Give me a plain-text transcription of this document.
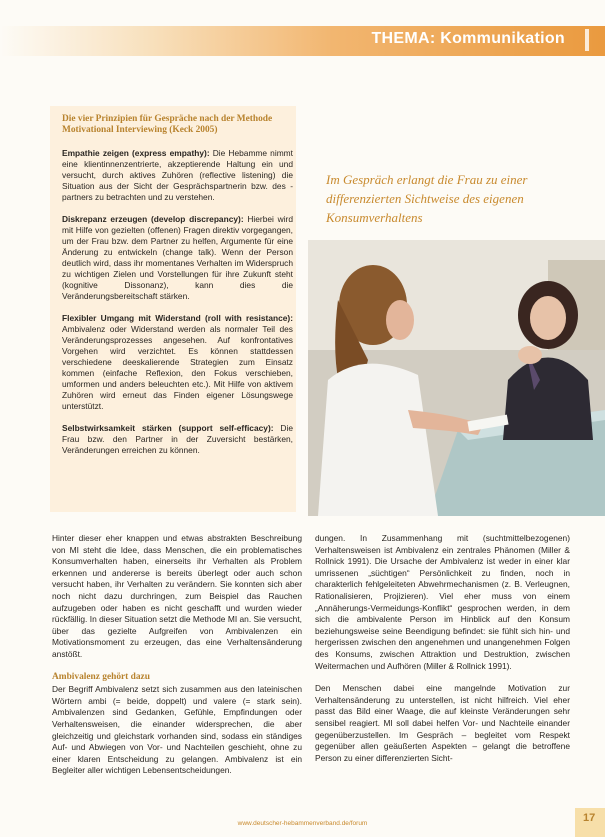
THEMA: Kommunikation
Die vier Prinzipien für Gespräche nach der Methode Motivational Interviewing (Keck 2005)
Empathie zeigen (express empathy): Die Hebamme nimmt eine klientinnenzentrierte, akzeptierende Haltung ein und versucht, durch aktives Zuhören (reflective listening) die Situation aus der Sicht der Gesprächspartnerin bzw. des -partners zu betrachten und zu verstehen.
Diskrepanz erzeugen (develop discrepancy): Hierbei wird mit Hilfe von gezielten (offenen) Fragen direktiv vorgegangen, um der Frau bzw. dem Partner zu helfen, Argumente für eine Änderung zu entwickeln (change talk). Wenn der Person deutlich wird, dass ihr momentanes Verhalten im Widerspruch zu wichtigen Zielen und Vorstellungen für ihre Zukunft steht (kognitive Dissonanz), kann dies die Veränderungsbereitschaft stärken.
Flexibler Umgang mit Widerstand (roll with resistance): Ambivalenz oder Widerstand werden als normaler Teil des Veränderungsprozesses angesehen. Auf konfrontatives Vorgehen wird verzichtet. Es können stattdessen verschiedene deeskalierende Strategien zum Einsatz kommen (einfache Reflexion, den Fokus verschieben, umformen und anders beleuchten etc.). Mit Hilfe von aktivem Zuhören wird erneut das Finden eigener Lösungswege unterstützt.
Selbstwirksamkeit stärken (support self-efficacy): Die Frau bzw. den Partner in der Zuversicht bestärken, Veränderungen erreichen zu können.
Im Gespräch erlangt die Frau zu einer differenzierten Sichtweise des eigenen Konsumverhaltens

Hinter dieser eher knappen und etwas abstrakten Beschreibung von MI steht die Idee, dass Menschen, die ein problematisches Konsumverhalten haben, einerseits ihr Verhalten als Problem erkennen und andererse is bereits überlegt oder auch schon versucht haben, ihr Verhalten zu verändern. Sie konnten sich aber noch nicht dazu durchringen, zum Beispiel das Rauchen aufzugeben oder haben es nicht geschafft und wurden wieder rückfällig. In dieser Situation setzt die Methode MI an. Sie versucht, über das gezielte Aufgreifen von Ambivalenzen ein Motivationsmoment zu erzeugen, das eine Verhaltensänderung anstößt.

Ambivalenz gehört dazu

Der Begriff Ambivalenz setzt sich zusammen aus den lateinischen Wörtern ambi (= beide, doppelt) und valere (= stark sein). Ambivalenzen sind Gedanken, Gefühle, Empfindungen oder Verhaltensweisen, die einander widersprechen, die aber gleichzeitig und gleichstark vorhanden sind, sodass ein ständiges Auf- und Abwiegen von Vor- und Nachteilen geschieht, ohne zu einer klaren Entscheidung zu gelangen. Ambivalenz ist ein Begleiter aller wichtigen Lebensentscheidungen.

dungen. In Zusammenhang mit (suchtmittelbezogenen) Verhaltensweisen ist Ambivalenz ein zentrales Phänomen (Miller & Rollnick 1991). Die Ursache der Ambivalenz ist weder in einer klar umrissenen „süchtigen“ Persönlichkeit zu finden, noch in charakterlich fehlgeleiteten Abwehrmechanismen (z. B. Verleugnen, Rationalisieren, Projizieren). Viel eher muss von einem „Annäherungs-Vermeidungs-Konflikt“ gesprochen werden, in dem sich die ambivalente Person im Hinblick auf den Konsum beziehungsweise seine Beendigung befindet: sie fühlt sich hin- und hergerissen zwischen den angenehmen und unangenehmen Folgen des Konsums, zwischen Attraktion und Destruktion, zwischen Weitermachen und Aufhören (Miller & Rollnick 1991).

Den Menschen dabei eine mangelnde Motivation zur Verhaltensänderung zu unterstellen, ist nicht hilfreich. Viel eher passt das Bild einer Waage, die auf kleinste Veränderungen sehr sensibel reagiert. MI soll dabei helfen Vor- und Nachteile einander gegenüberzustellen. Im Gespräch – begleitet vom Respekt gegenüber allen geäußerten Aspekten – gelangt die betroffene Person zu einer differenzierten Sicht-

www.deutscher-hebammenverband.de/forum	17
